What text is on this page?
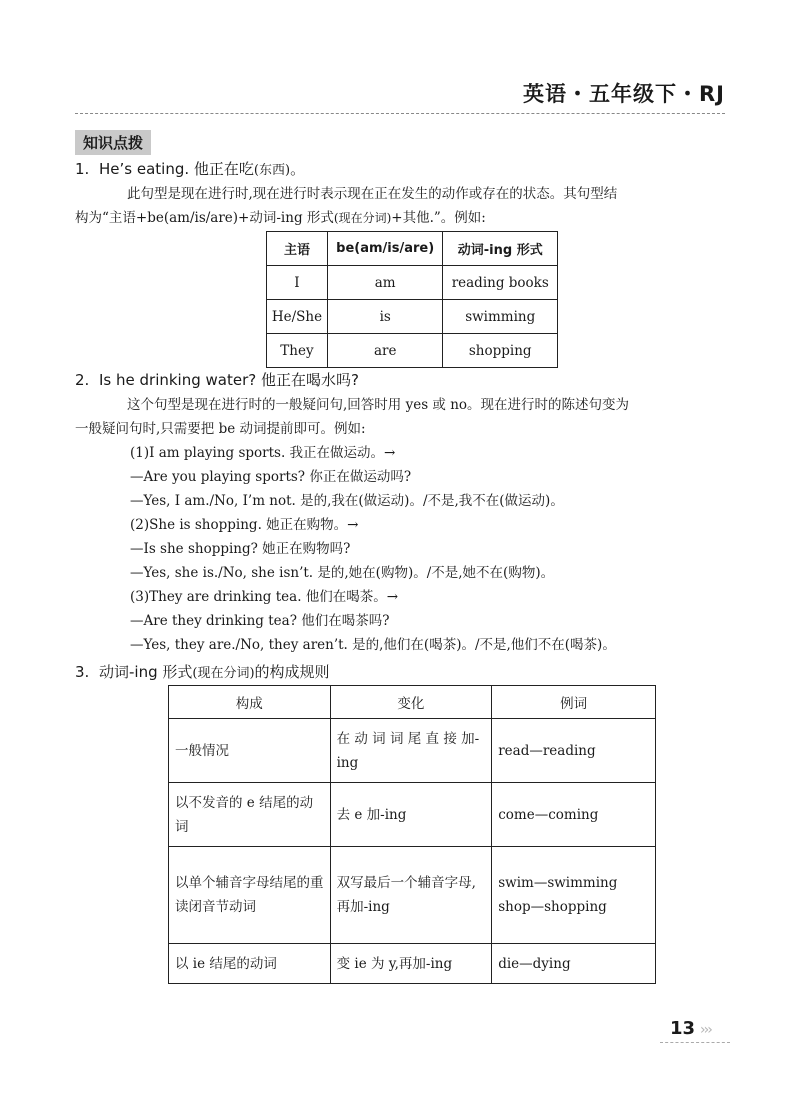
英语・五年级下・RJ
知识点拨
1. He’s eating. 他正在吃(东西)。
此句型是现在进行时,现在进行时表示现在正在发生的动作或存在的状态。其句型结
构为“主语+be(am/is/are)+动词-ing 形式(现在分词)+其他.”。例如:
主语	be(am/is/are)	动词-ing 形式
I	am	reading books
He/She	is	swimming
They	are	shopping
2. Is he drinking water? 他正在喝水吗?
这个句型是现在进行时的一般疑问句,回答时用 yes 或 no。现在进行时的陈述句变为
一般疑问句时,只需要把 be 动词提前即可。例如:
(1)I am playing sports. 我正在做运动。→
—Are you playing sports? 你正在做运动吗?
—Yes, I am./No, I’m not. 是的,我在(做运动)。/不是,我不在(做运动)。
(2)She is shopping. 她正在购物。→
—Is she shopping? 她正在购物吗?
—Yes, she is./No, she isn’t. 是的,她在(购物)。/不是,她不在(购物)。
(3)They are drinking tea. 他们在喝茶。→
—Are they drinking tea? 他们在喝茶吗?
—Yes, they are./No, they aren’t. 是的,他们在(喝茶)。/不是,他们不在(喝茶)。
3. 动词-ing 形式(现在分词)的构成规则
构成	变化	例词
一般情况	在 动 词 词 尾 直 接 加-ing	read—reading

以不发音的 e 结尾的动词	去 e 加-ing	come—coming

以单个辅音字母结尾的重读闭音节动词	双写最后一个辅音字母,再加-ing	swim—swimming
shop—shopping

以 ie 结尾的动词	变 ie 为 y,再加-ing	die—dying
13 ›››
